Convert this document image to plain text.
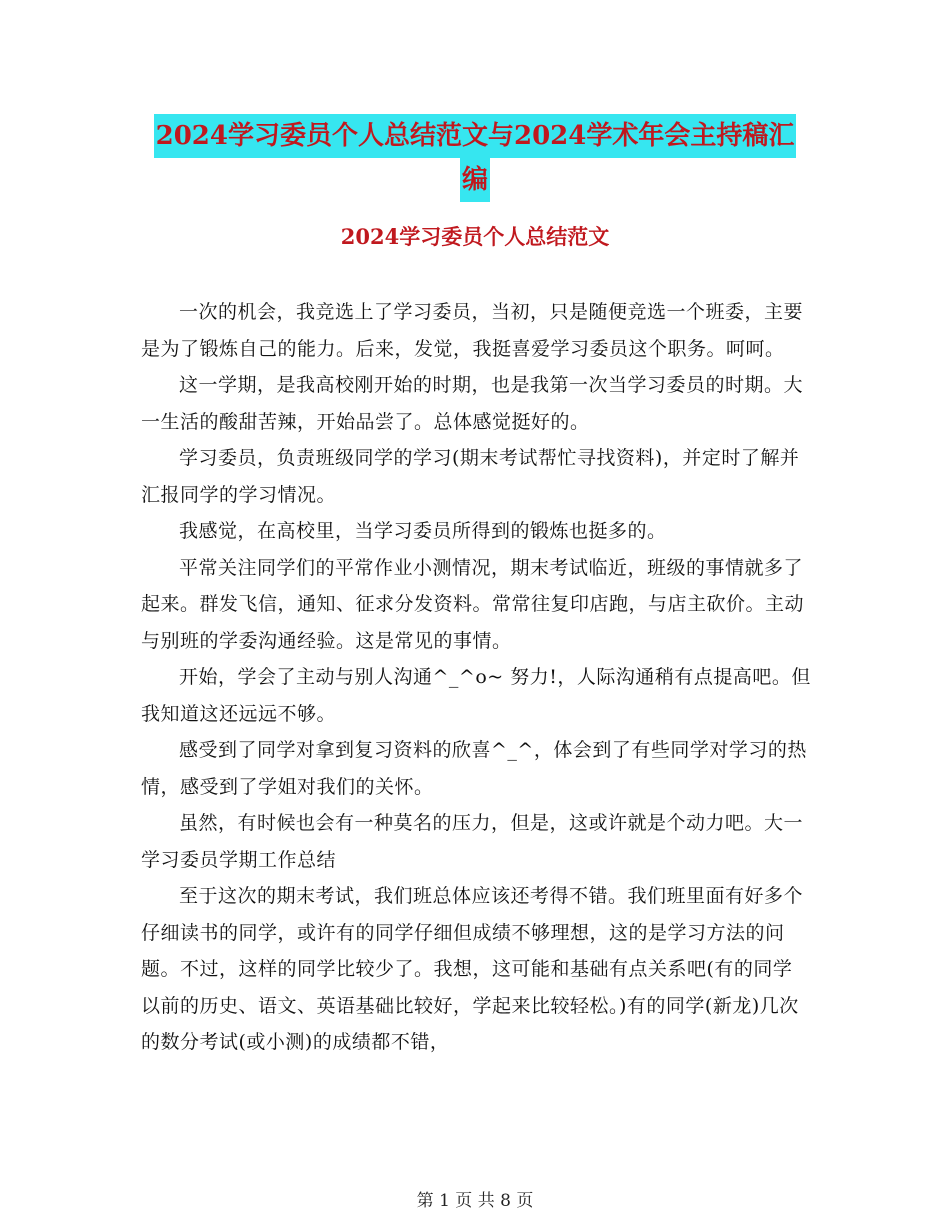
2024学习委员个人总结范文与2024学术年会主持稿汇
编
2024学习委员个人总结范文

一次的机会，我竞选上了学习委员，当初，只是随便竞选一个班委，主要是为了锻炼自己的能力。后来，发觉，我挺喜爱学习委员这个职务。呵呵。

这一学期，是我高校刚开始的时期，也是我第一次当学习委员的时期。大一生活的酸甜苦辣，开始品尝了。总体感觉挺好的。

学习委员，负责班级同学的学习(期末考试帮忙寻找资料)，并定时了解并汇报同学的学习情况。

我感觉，在高校里，当学习委员所得到的锻炼也挺多的。

平常关注同学们的平常作业小测情况，期末考试临近，班级的事情就多了起来。群发飞信，通知、征求分发资料。常常往复印店跑，与店主砍价。主动与别班的学委沟通经验。这是常见的事情。

开始，学会了主动与别人沟通^_^o~ 努力!，人际沟通稍有点提高吧。但我知道这还远远不够。

感受到了同学对拿到复习资料的欣喜^_^，体会到了有些同学对学习的热情，感受到了学姐对我们的关怀。

虽然，有时候也会有一种莫名的压力，但是，这或许就是个动力吧。大一学习委员学期工作总结

至于这次的期末考试，我们班总体应该还考得不错。我们班里面有好多个仔细读书的同学，或许有的同学仔细但成绩不够理想，这的是学习方法的问题。不过，这样的同学比较少了。我想，这可能和基础有点关系吧(有的同学以前的历史、语文、英语基础比较好，学起来比较轻松。)有的同学(新龙)几次的数分考试(或小测)的成绩都不错，

第 1 页 共 8 页
